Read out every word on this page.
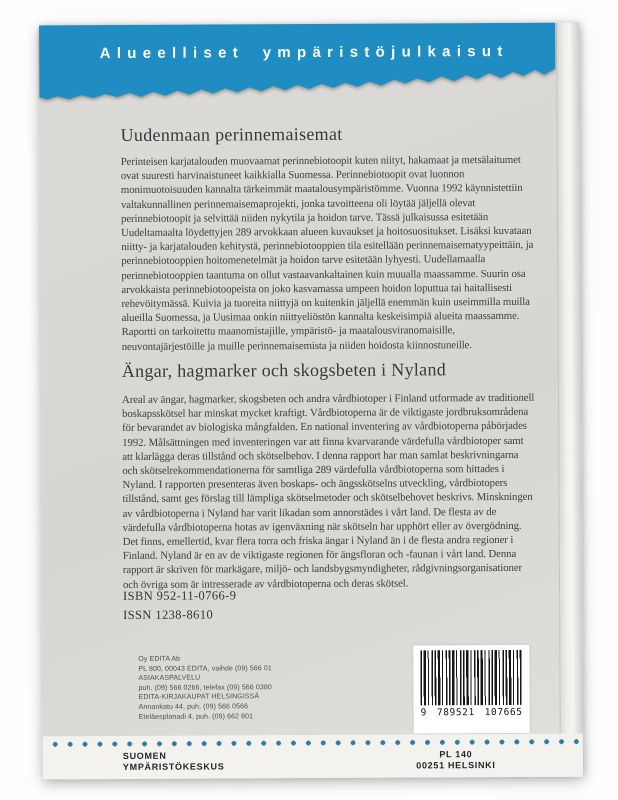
Alueelliset ympäristöjulkaisut
Uudenmaan perinnemaisemat

Perinteisen karjatalouden muovaamat perinnebiotoopit kuten niityt, hakamaat ja metsälaitumet ovat suuresti harvinaistuneet kaikkialla Suomessa. Perinnebiotoopit ovat luonnon monimuotoisuuden kannalta tärkeimmät maatalousympäristömme. Vuonna 1992 käynnistettiin valtakunnallinen perinnemaisemaprojekti, jonka tavoitteena oli löytää jäljellä olevat perinnebiotoopit ja selvittää niiden nykytila ja hoidon tarve. Tässä julkaisussa esitetään Uudeltamaalta löydettyjen 289 arvokkaan alueen kuvaukset ja hoitosuositukset. Lisäksi kuvataan niitty- ja karjatalouden kehitystä, perinnebiotooppien tila esitellään perinnemaisematyypeittäin, ja perinnebiotooppien hoitomenetelmät ja hoidon tarve esitetään lyhyesti. Uudellamaalla perinnebiotooppien taantuma on ollut vastaavankaltainen kuin muualla maassamme. Suurin osa arvokkaista perinnebiotoopeista on joko kasvamassa umpeen hoidon loputtua tai haitallisesti rehevöitymässä. Kuivia ja tuoreita niittyjä on kuitenkin jäljellä enemmän kuin useimmilla muilla alueilla Suomessa, ja Uusimaa onkin niittyeliöstön kannalta keskeisimpiä alueita maassamme. Raportti on tarkoitettu maanomistajille, ympäristö- ja maatalousviranomaisille, neuvontajärjestöille ja muille perinnemaisemista ja niiden hoidosta kiinnostuneille.

Ängar, hagmarker och skogsbeten i Nyland

Areal av ängar, hagmarker, skogsbeten och andra vårdbiotoper i Finland utformade av traditionell boskapsskötsel har minskat mycket kraftigt. Vårdbiotoperna är de viktigaste jordbruksområdena för bevarandet av biologiska mångfalden. En national inventering av vårdbiotoperna påbörjades 1992. Målsättningen med inventeringen var att finna kvarvarande värdefulla vårdbiotoper samt att klarlägga deras tillstånd och skötselbehov. I denna rapport har man samlat beskrivningarna och skötselrekommendationerna för samtliga 289 värdefulla vårdbiotoperna som hittades i Nyland. I rapporten presenteras även boskaps- och ängsskötselns utveckling, vårdbiotopers tillstånd, samt ges förslag till lämpliga skötselmetoder och skötselbehovet beskrivs. Minskningen av vårdbiotoperna i Nyland har varit likadan som annorstädes i vårt land. De flesta av de värdefulla vårdbiotoperna hotas av igenväxning när skötseln har upphört eller av övergödning. Det finns, emellertid, kvar flera torra och friska ängar i Nyland än i de flesta andra regioner i Finland. Nyland är en av de viktigaste regionen för ängsfloran och -faunan i vårt land. Denna rapport är skriven för markägare, miljö- och landsbygsmyndigheter, rådgivningsorganisationer och övriga som är intresserade av vårdbiotoperna och deras skötsel.

ISBN 952-11-0766-9
ISSN 1238-8610
Oy EDITA Ab
PL 800, 00043 EDITA, vaihde (09) 566 01
ASIAKASPALVELU
puh. (09) 566 0266, telefax (09) 566 0380
EDITA-KIRJAKAUPAT HELSINGISSÄ
Annankatu 44, puh. (09) 566 0566
Eteläesplanadi 4, puh. (09) 662 801	9 789521 107665
SUOMEN
YMPÄRISTÖKESKUS
PL 140
00251 HELSINKI
